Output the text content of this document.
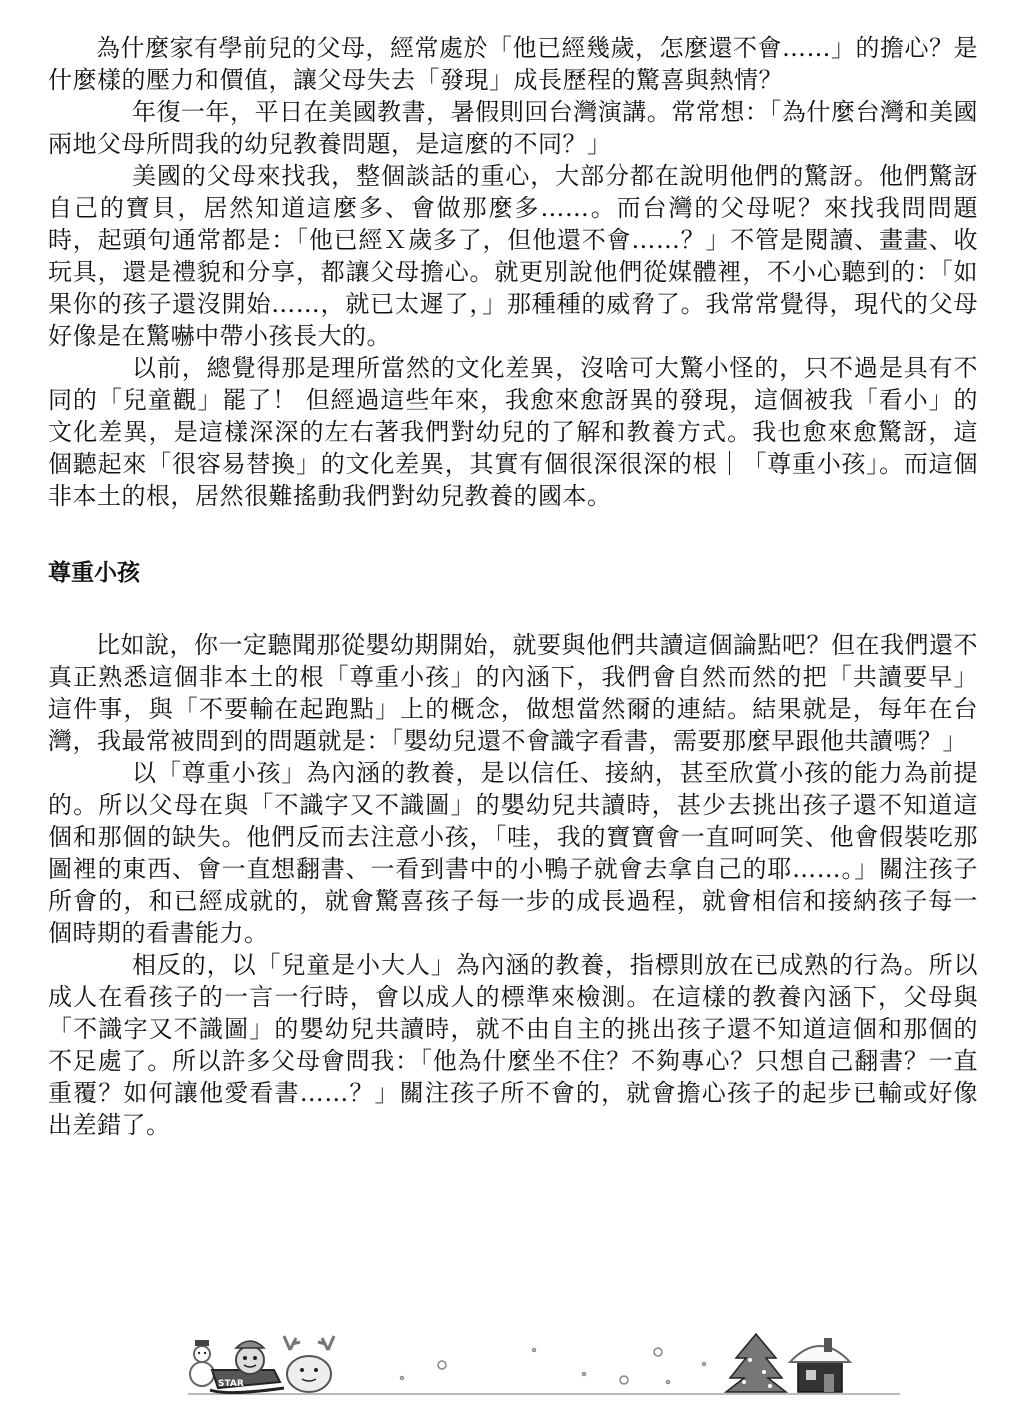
為什麼家有學前兒的父母，經常處於「他已經幾歲，怎麼還不會……」的擔心？是什麼樣的壓力和價值，讓父母失去「發現」成長歷程的驚喜與熱情？

年復一年，平日在美國教書，暑假則回台灣演講。常常想：「為什麼台灣和美國兩地父母所問我的幼兒教養問題，是這麼的不同？」

美國的父母來找我，整個談話的重心，大部分都在說明他們的驚訝。他們驚訝自己的寶貝，居然知道這麼多、會做那麼多……。而台灣的父母呢？來找我問問題時，起頭句通常都是：「他已經Ｘ歲多了，但他還不會……？」不管是閱讀、畫畫、收玩具，還是禮貌和分享，都讓父母擔心。就更別說他們從媒體裡，不小心聽到的：「如果你的孩子還沒開始……，就已太遲了，」那種種的威脅了。我常常覺得，現代的父母好像是在驚嚇中帶小孩長大的。

以前，總覺得那是理所當然的文化差異，沒啥可大驚小怪的，只不過是具有不同的「兒童觀」罷了！ 但經過這些年來，我愈來愈訝異的發現，這個被我「看小」的文化差異，是這樣深深的左右著我們對幼兒的了解和教養方式。我也愈來愈驚訝，這個聽起來「很容易替換」的文化差異，其實有個很深很深的根｜「尊重小孩」。而這個非本土的根，居然很難搖動我們對幼兒教養的國本。

尊重小孩

比如說，你一定聽聞那從嬰幼期開始，就要與他們共讀這個論點吧？但在我們還不真正熟悉這個非本土的根「尊重小孩」的內涵下，我們會自然而然的把「共讀要早」這件事，與「不要輸在起跑點」上的概念，做想當然爾的連結。結果就是，每年在台灣，我最常被問到的問題就是：「嬰幼兒還不會識字看書，需要那麼早跟他共讀嗎？」

以「尊重小孩」為內涵的教養，是以信任、接納，甚至欣賞小孩的能力為前提的。所以父母在與「不識字又不識圖」的嬰幼兒共讀時，甚少去挑出孩子還不知道這個和那個的缺失。他們反而去注意小孩，「哇，我的寶寶會一直呵呵笑、他會假裝吃那圖裡的東西、會一直想翻書、一看到書中的小鴨子就會去拿自己的耶……。」關注孩子所會的，和已經成就的，就會驚喜孩子每一步的成長過程，就會相信和接納孩子每一個時期的看書能力。

相反的，以「兒童是小大人」為內涵的教養，指標則放在已成熟的行為。所以成人在看孩子的一言一行時，會以成人的標準來檢測。在這樣的教養內涵下，父母與「不識字又不識圖」的嬰幼兒共讀時，就不由自主的挑出孩子還不知道這個和那個的不足處了。所以許多父母會問我：「他為什麼坐不住？不夠專心？只想自己翻書？一直重覆？如何讓他愛看書……？」關注孩子所不會的，就會擔心孩子的起步已輸或好像出差錯了。

STAR
